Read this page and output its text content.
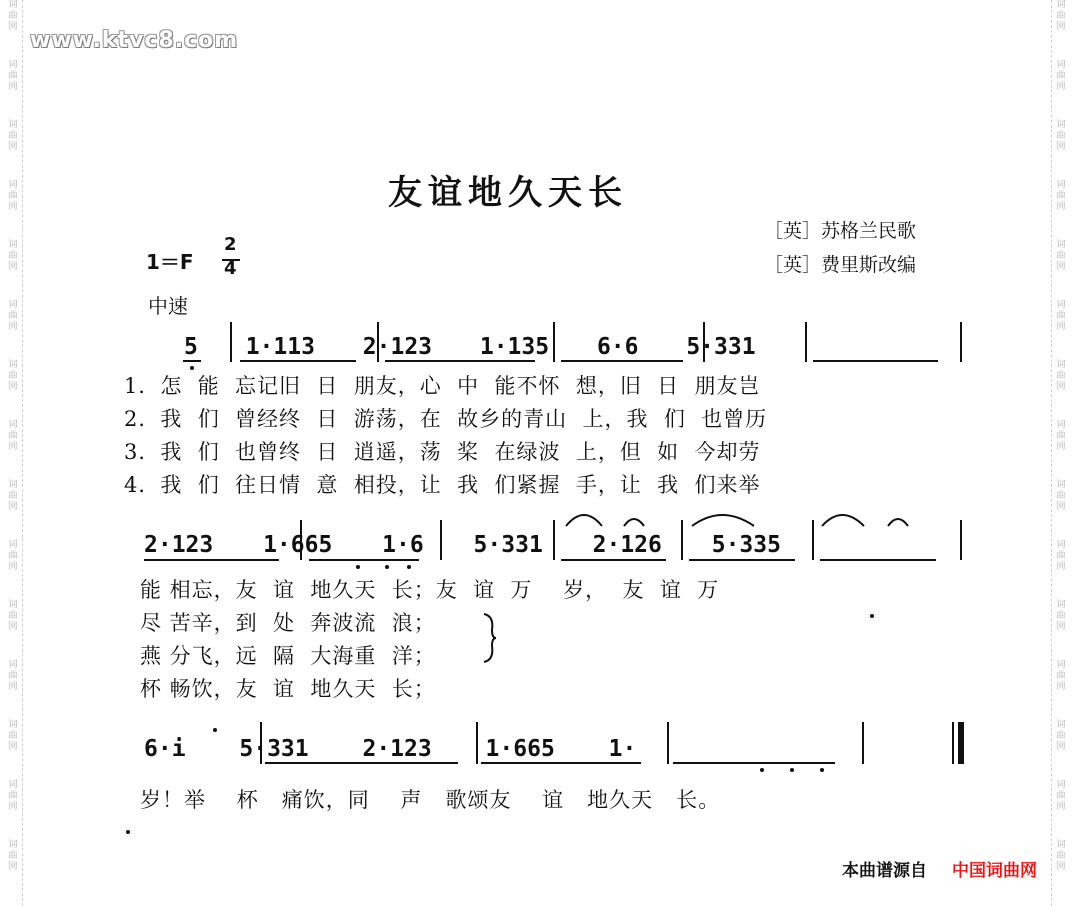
词
曲
网
词
曲
网
词
曲
网
词
曲
网
词
曲
网
词
曲
网
词
曲
网
词
曲
网
词
曲
网
词
曲
网
词
曲
网
词
曲
网
词
曲
网
词
曲
网
词
曲
网
词
曲
网
词
曲
网
词
曲
网
词
曲
网
词
曲
网
词
曲
网
词
曲
网
词
曲
网
词
曲
网
词
曲
网
词
曲
网
词
曲
网
词
曲
网
词
曲
网
词
曲
网
www.ktvc8.com
友谊地久天长
［英］苏格兰民歌
［英］费里斯改编
1＝F
2
4
中速
5 1·113 2·123 1·135 6·6 5·331
1．怎  能  忘记旧  日  朋友，心  中  能不怀  想，旧  日  朋友岂
2．我  们  曾经终  日  游荡，在  故乡的青山  上，我  们  也曾历
3．我  们  也曾终  日  逍遥，荡  桨  在绿波  上，但  如  今却劳
4．我  们  往日情  意  相投，让  我  们紧握  手，让  我  们来举
2·123 1·665 1·6 5·331 2·126 5·335
能 相忘，友  谊  地久天  长；友  谊  万    岁，  友  谊  万
尽 苦辛，到  处  奔波流  浪；
燕 分飞，远  隔  大海重  洋；
杯 畅饮，友  谊  地久天  长；
6·i 5·331 2·123 1·665 1·
岁！举    杯   痛饮，同    声   歌颂友    谊   地久天   长。
本曲谱源自 中国词曲网
